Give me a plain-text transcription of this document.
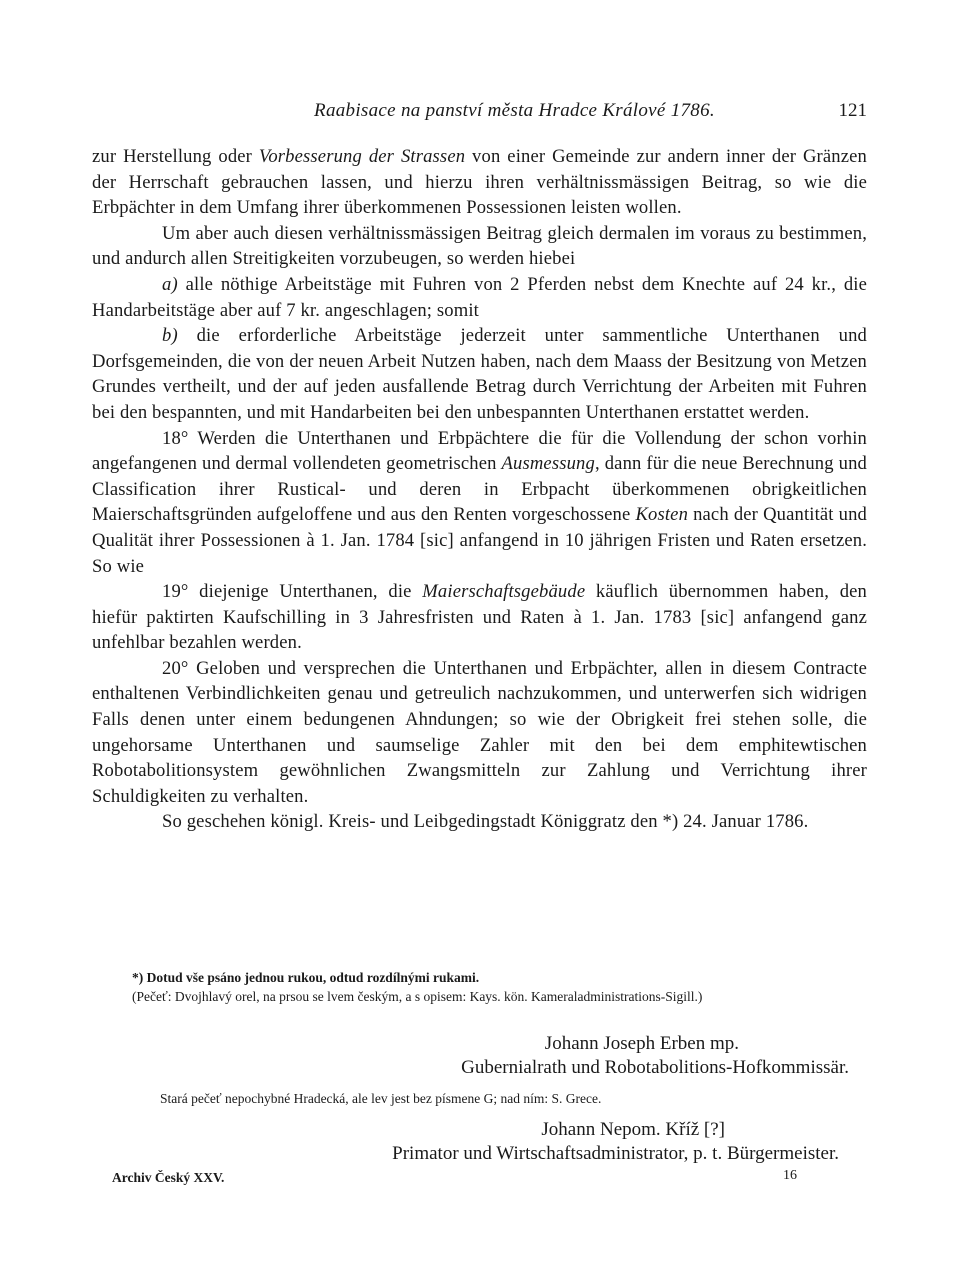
Raabisace na panství města Hradce Králové 1786.	121

zur Herstellung oder Vorbesserung der Strassen von einer Gemeinde zur andern inner der Gränzen der Herrschaft gebrauchen lassen, und hierzu ihren verhältnissmässigen Beitrag, so wie die Erbpächter in dem Umfang ihrer überkommenen Possessionen leisten wollen.

Um aber auch diesen verhältnissmässigen Beitrag gleich dermalen im voraus zu bestimmen, und andurch allen Streitigkeiten vorzubeugen, so werden hiebei

a) alle nöthige Arbeitstäge mit Fuhren von 2 Pferden nebst dem Knechte auf 24 kr., die Handarbeitstäge aber auf 7 kr. angeschlagen; somit

b) die erforderliche Arbeitstäge jederzeit unter sammentliche Unterthanen und Dorfsgemeinden, die von der neuen Arbeit Nutzen haben, nach dem Maass der Besitzung von Metzen Grundes vertheilt, und der auf jeden ausfallende Betrag durch Verrichtung der Arbeiten mit Fuhren bei den bespannten, und mit Handarbeiten bei den unbespannten Unterthanen erstattet werden.

18° Werden die Unterthanen und Erbpächtere die für die Vollendung der schon vorhin angefangenen und dermal vollendeten geometrischen Ausmessung, dann für die neue Berechnung und Classification ihrer Rustical- und deren in Erbpacht überkommenen obrigkeitlichen Maierschaftsgründen aufgeloffene und aus den Renten vorgeschossene Kosten nach der Quantität und Qualität ihrer Possessionen à 1. Jan. 1784 [sic] anfangend in 10 jährigen Fristen und Raten ersetzen. So wie

19° diejenige Unterthanen, die Maierschaftsgebäude käuflich übernommen haben, den hiefür paktirten Kaufschilling in 3 Jahresfristen und Raten à 1. Jan. 1783 [sic] anfangend ganz unfehlbar bezahlen werden.

20° Geloben und versprechen die Unterthanen und Erbpächter, allen in diesem Contracte enthaltenen Verbindlichkeiten genau und getreulich nachzukommen, und unterwerfen sich widrigen Falls denen unter einem bedungenen Ahndungen; so wie der Obrigkeit frei stehen solle, die ungehorsame Unterthanen und saumselige Zahler mit den bei dem emphitewtischen Robotabolitionsystem gewöhnlichen Zwangsmitteln zur Zahlung und Verrichtung ihrer Schuldigkeiten zu verhalten.

So geschehen königl. Kreis- und Leibgedingstadt Königgratz den *) 24. Januar 1786.

*) Dotud vše psáno jednou rukou, odtud rozdílnými rukami.

(Pečeť: Dvojhlavý orel, na prsou se lvem českým, a s opisem: Kays. kön. Kameraladministrations-Sigill.)

Johann Joseph Erben mp.
Gubernialrath und Robotabolitions-Hofkommissär.
Stará pečeť nepochybné Hradecká, ale lev jest bez písmene G; nad ním: S. Grece.
Johann Nepom. Kříž [?]
Primator und Wirtschaftsadministrator, p. t. Bürgermeister.
Archiv Český XXV.	16
